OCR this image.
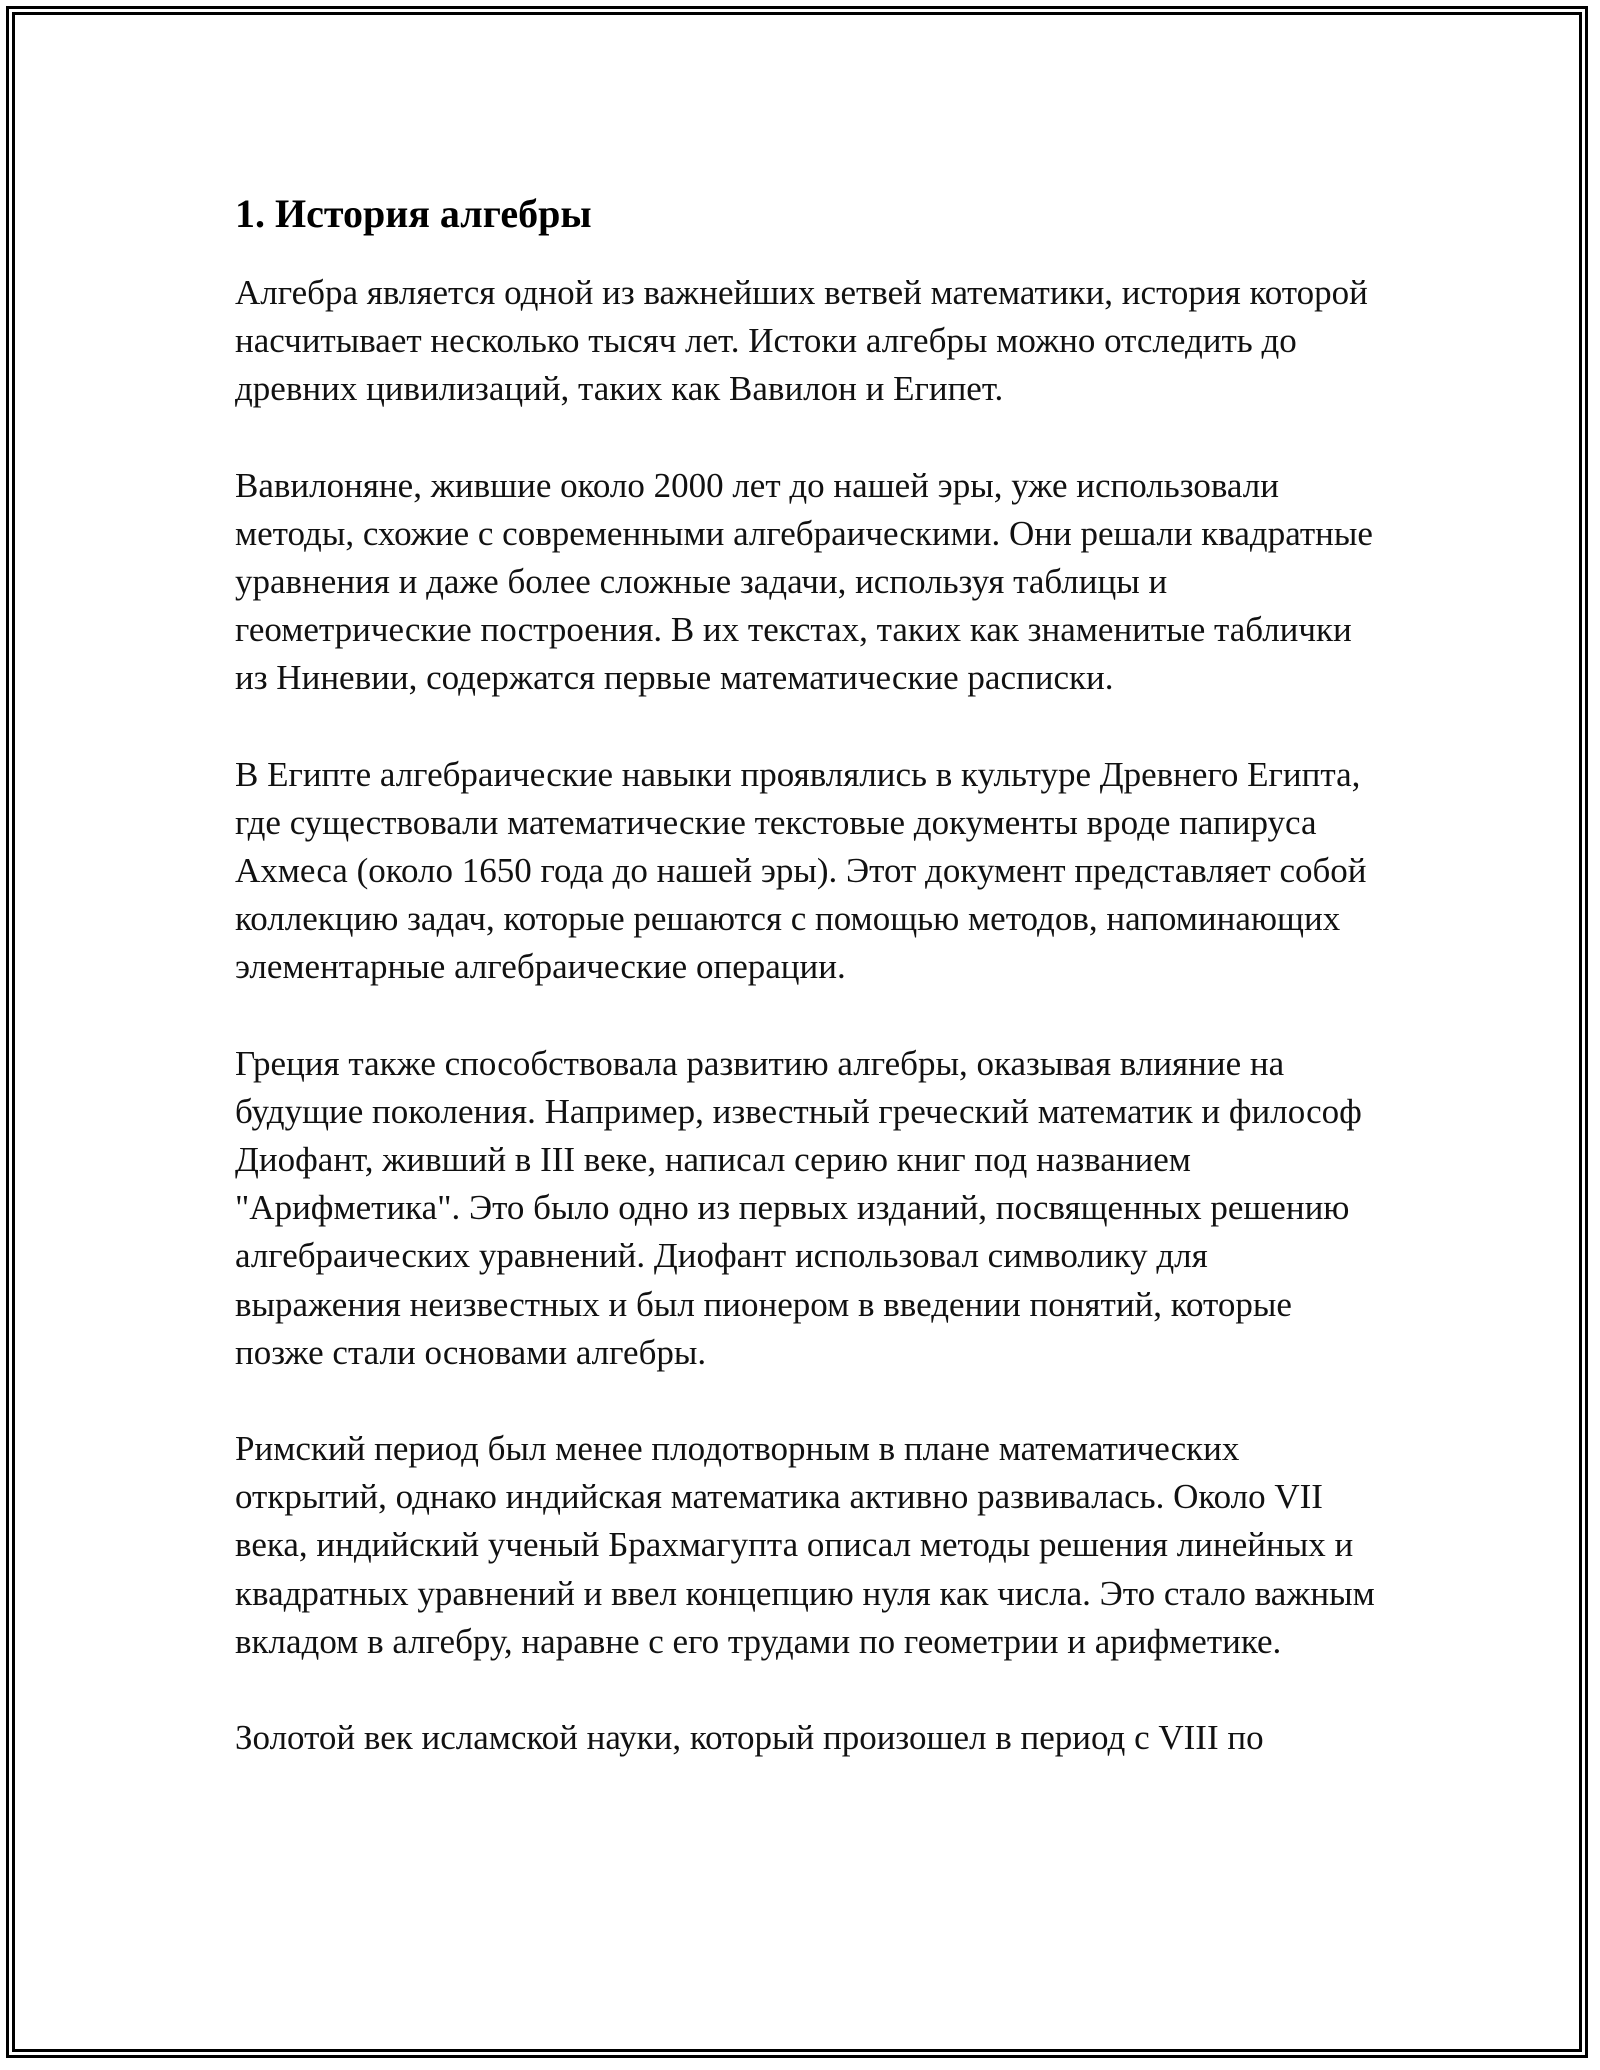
1. История алгебры

Алгебра является одной из важнейших ветвей математики, история которой насчитывает несколько тысяч лет. Истоки алгебры можно отследить до древних цивилизаций, таких как Вавилон и Египет.

Вавилоняне, жившие около 2000 лет до нашей эры, уже использовали методы, схожие с современными алгебраическими. Они решали квадратные уравнения и даже более сложные задачи, используя таблицы и геометрические построения. В их текстах, таких как знаменитые таблички из Ниневии, содержатся первые математические расписки.

В Египте алгебраические навыки проявлялись в культуре Древнего Египта, где существовали математические текстовые документы вроде папируса Ахмеса (около 1650 года до нашей эры). Этот документ представляет собой коллекцию задач, которые решаются с помощью методов, напоминающих элементарные алгебраические операции.

Греция также способствовала развитию алгебры, оказывая влияние на будущие поколения. Например, известный греческий математик и философ Диофант, живший в III веке, написал серию книг под названием "Арифметика". Это было одно из первых изданий, посвященных решению алгебраических уравнений. Диофант использовал символику для выражения неизвестных и был пионером в введении понятий, которые позже стали основами алгебры.

Римский период был менее плодотворным в плане математических открытий, однако индийская математика активно развивалась. Около VII века, индийский ученый Брахмагупта описал методы решения линейных и квадратных уравнений и ввел концепцию нуля как числа. Это стало важным вкладом в алгебру, наравне с его трудами по геометрии и арифметике.

Золотой век исламской науки, который произошел в период с VIII по
